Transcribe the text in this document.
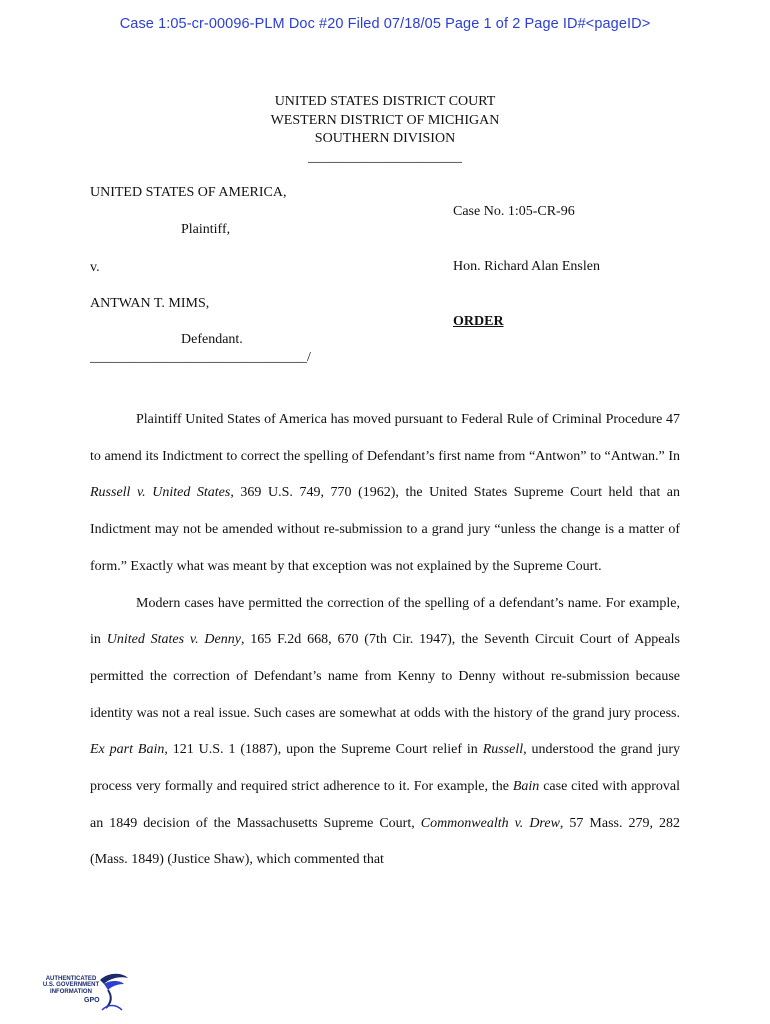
Case 1:05-cr-00096-PLM Doc #20 Filed 07/18/05 Page 1 of 2 Page ID#<pageID>
UNITED STATES DISTRICT COURT
WESTERN DISTRICT OF MICHIGAN
SOUTHERN DIVISION
______________________
UNITED STATES OF AMERICA,
Plaintiff,
v.
ANTWAN T. MIMS,
Defendant.
_______________________________/
Case No. 1:05-CR-96
Hon. Richard Alan Enslen
ORDER

Plaintiff United States of America has moved pursuant to Federal Rule of Criminal Procedure 47 to amend its Indictment to correct the spelling of Defendant’s first name from “Antwon” to “Antwan.” In Russell v. United States, 369 U.S. 749, 770 (1962), the United States Supreme Court held that an Indictment may not be amended without re-submission to a grand jury “unless the change is a matter of form.” Exactly what was meant by that exception was not explained by the Supreme Court.

Modern cases have permitted the correction of the spelling of a defendant’s name. For example, in United States v. Denny, 165 F.2d 668, 670 (7th Cir. 1947), the Seventh Circuit Court of Appeals permitted the correction of Defendant’s name from Kenny to Denny without re-submission because identity was not a real issue. Such cases are somewhat at odds with the history of the grand jury process. Ex part Bain, 121 U.S. 1 (1887), upon the Supreme Court relief in Russell, understood the grand jury process very formally and required strict adherence to it. For example, the Bain case cited with approval an 1849 decision of the Massachusetts Supreme Court, Commonwealth v. Drew, 57 Mass. 279, 282 (Mass. 1849) (Justice Shaw), which commented that

AUTHENTICATED
U.S. GOVERNMENT
INFORMATION
GPO
